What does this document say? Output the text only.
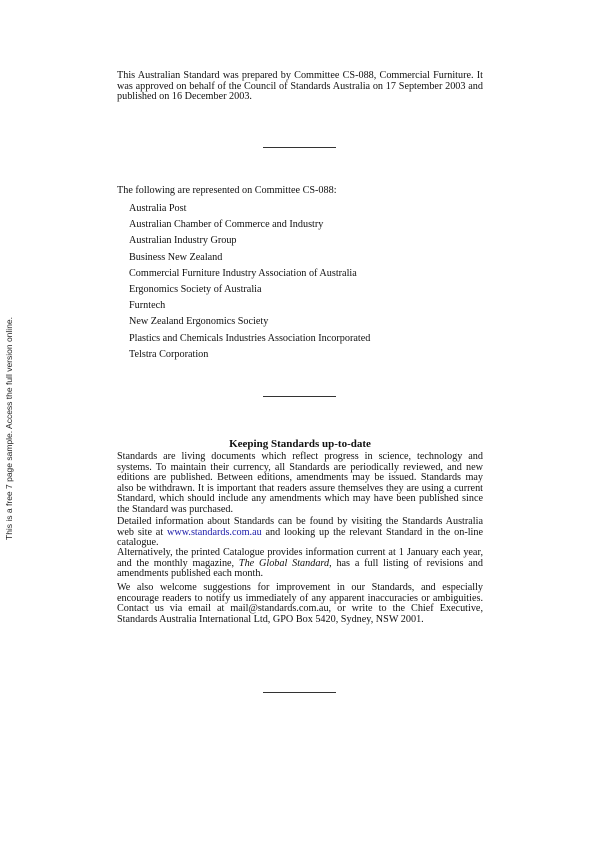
This is a free 7 page sample. Access the full version online.

This Australian Standard was prepared by Committee CS-088, Commercial Furniture. It was approved on behalf of the Council of Standards Australia on 17 September 2003 and published on 16 December 2003.

The following are represented on Committee CS-088:

Australia Post
Australian Chamber of Commerce and Industry
Australian Industry Group
Business New Zealand
Commercial Furniture Industry Association of Australia
Ergonomics Society of Australia
Furntech
New Zealand Ergonomics Society
Plastics and Chemicals Industries Association Incorporated
Telstra Corporation
Keeping Standards up-to-date

Standards are living documents which reflect progress in science, technology and systems. To maintain their currency, all Standards are periodically reviewed, and new editions are published. Between editions, amendments may be issued. Standards may also be withdrawn. It is important that readers assure themselves they are using a current Standard, which should include any amendments which may have been published since the Standard was purchased.

Detailed information about Standards can be found by visiting the Standards Australia web site at www.standards.com.au and looking up the relevant Standard in the on-line catalogue.

Alternatively, the printed Catalogue provides information current at 1 January each year, and the monthly magazine, The Global Standard, has a full listing of revisions and amendments published each month.

We also welcome suggestions for improvement in our Standards, and especially encourage readers to notify us immediately of any apparent inaccuracies or ambiguities. Contact us via email at mail@standards.com.au, or write to the Chief Executive, Standards Australia International Ltd, GPO Box 5420, Sydney, NSW 2001.
